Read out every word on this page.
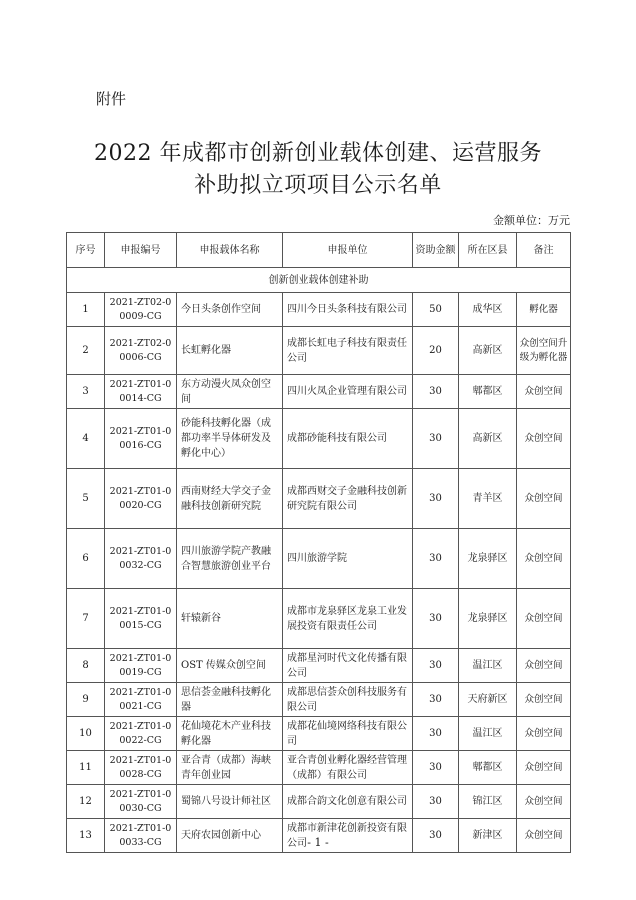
附件
2022 年成都市创新创业载体创建、运营服务
补助拟立项项目公示名单
金额单位：万元
序号	申报编号	申报载体名称	申报单位	资助金额	所在区县	备注
创新创业载体创建补助						
1	2021-ZT02-00009-CG	今日头条创作空间	四川今日头条科技有限公司	50	成华区	孵化器
2	2021-ZT02-00006-CG	长虹孵化器	成都长虹电子科技有限责任公司	20	高新区	众创空间升级为孵化器
3	2021-ZT01-00014-CG	东方动漫火凤众创空间	四川火凤企业管理有限公司	30	郫都区	众创空间
4	2021-ZT01-00016-CG	砂能科技孵化器（成都功率半导体研发及孵化中心）	成都砂能科技有限公司	30	高新区	众创空间
5	2021-ZT01-00020-CG	西南财经大学交子金融科技创新研究院	成都西财交子金融科技创新研究院有限公司	30	青羊区	众创空间
6	2021-ZT01-00032-CG	四川旅游学院产教融合智慧旅游创业平台	四川旅游学院	30	龙泉驿区	众创空间
7	2021-ZT01-00015-CG	轩辕新谷	成都市龙泉驿区龙泉工业发展投资有限责任公司	30	龙泉驿区	众创空间
8	2021-ZT01-00019-CG	OST 传媒众创空间	成都星河时代文化传播有限公司	30	温江区	众创空间
9	2021-ZT01-00021-CG	思信荟金融科技孵化器	成都思信荟众创科技服务有限公司	30	天府新区	众创空间
10	2021-ZT01-00022-CG	花仙境花木产业科技孵化器	成都花仙境网络科技有限公司	30	温江区	众创空间
11	2021-ZT01-00028-CG	亚合青（成都）海峡青年创业园	亚合青创业孵化器经营管理（成都）有限公司	30	郫都区	众创空间
12	2021-ZT01-00030-CG	蜀锦八号设计师社区	成都合韵文化创意有限公司	30	锦江区	众创空间
13	2021-ZT01-00033-CG	天府农园创新中心	成都市新津花创新投资有限公司	30	新津区	众创空间
- 1 -
